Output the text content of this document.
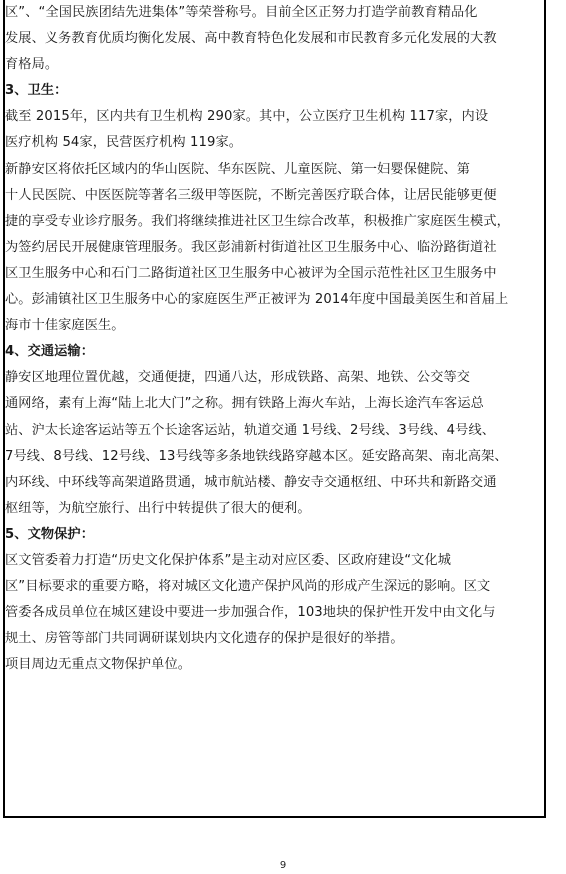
区”、“全国民族团结先进集体”等荣誉称号。目前全区正努力打造学前教育精品化

发展、义务教育优质均衡化发展、高中教育特色化发展和市民教育多元化发展的大教

育格局。

3、卫生：

截至 2015年，区内共有卫生机构 290家。其中，公立医疗卫生机构 117家，内设

医疗机构 54家，民营医疗机构 119家。

新静安区将依托区域内的华山医院、华东医院、儿童医院、第一妇婴保健院、第

十人民医院、中医医院等著名三级甲等医院，不断完善医疗联合体，让居民能够更便

捷的享受专业诊疗服务。我们将继续推进社区卫生综合改革，积极推广家庭医生模式，

为签约居民开展健康管理服务。我区彭浦新村街道社区卫生服务中心、临汾路街道社

区卫生服务中心和石门二路街道社区卫生服务中心被评为全国示范性社区卫生服务中

心。彭浦镇社区卫生服务中心的家庭医生严正被评为 2014年度中国最美医生和首届上

海市十佳家庭医生。

4、交通运输：

静安区地理位置优越，交通便捷，四通八达，形成铁路、高架、地铁、公交等交

通网络，素有上海“陆上北大门”之称。拥有铁路上海火车站，上海长途汽车客运总

站、沪太长途客运站等五个长途客运站，轨道交通 1号线、2号线、3号线、4号线、

7号线、8号线、12号线、13号线等多条地铁线路穿越本区。延安路高架、南北高架、

内环线、中环线等高架道路贯通，城市航站楼、静安寺交通枢纽、中环共和新路交通

枢纽等，为航空旅行、出行中转提供了很大的便利。

5、文物保护：

区文管委着力打造“历史文化保护体系”是主动对应区委、区政府建设“文化城

区”目标要求的重要方略，将对城区文化遗产保护风尚的形成产生深远的影响。区文

管委各成员单位在城区建设中要进一步加强合作，103地块的保护性开发中由文化与

规土、房管等部门共同调研谋划块内文化遗存的保护是很好的举措。

项目周边无重点文物保护单位。

9
